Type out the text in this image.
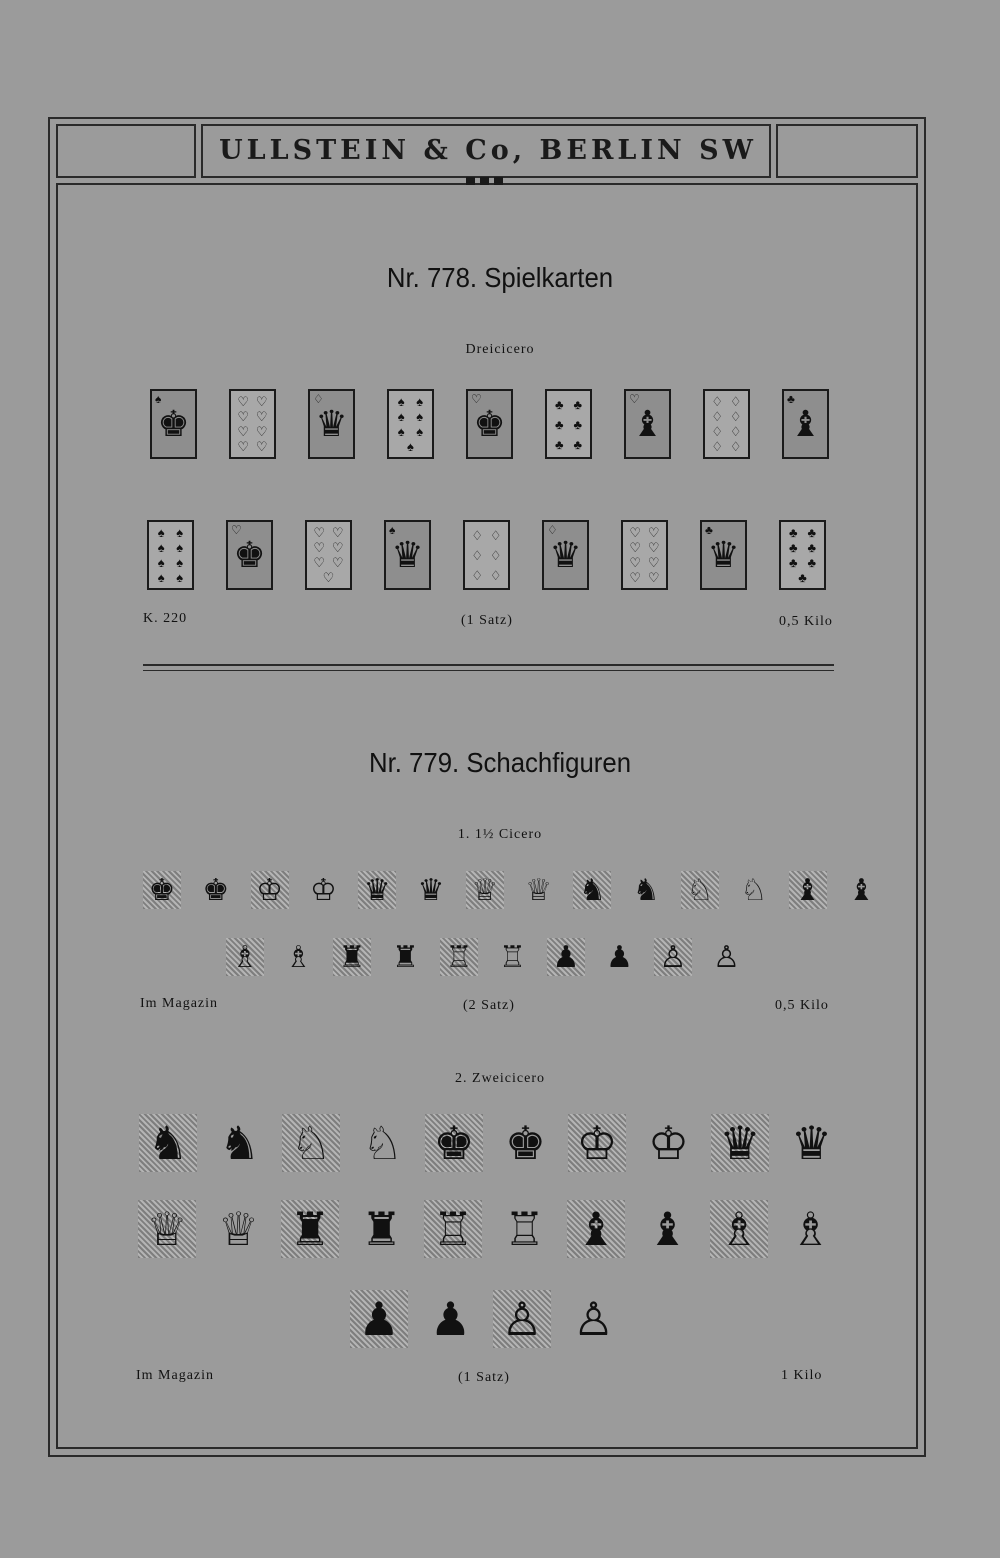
ULLSTEIN & Co, BERLIN SW
Nr. 778. Spielkarten
Dreicicero
♠
♚
♡ ♡
♡ ♡
♡ ♡
♡ ♡
♢
♛
♠ ♠
♠ ♠
♠ ♠
♠
♡
♚	♣ ♣
♣ ♣
♣ ♣
♡
♝
♢ ♢
♢ ♢
♢ ♢
♢ ♢
♣
♝
♠ ♠
♠ ♠
♠ ♠
♠ ♠
♡
♚
♡ ♡
♡ ♡
♡ ♡
♡
♠
♛	♢ ♢
♢ ♢
♢ ♢
♢
♛
♡ ♡
♡ ♡
♡ ♡
♡ ♡
♣
♛
♣ ♣
♣ ♣
♣ ♣
♣
K. 220	(1 Satz)	0,5 Kilo
Nr. 779. Schachfiguren
1. 1½ Cicero
♚ ♚ ♔ ♔ ♛ ♛ ♕ ♕ ♞ ♞ ♘ ♘ ♝ ♝
♗ ♗ ♜ ♜ ♖ ♖ ♟ ♟ ♙ ♙
Im Magazin	(2 Satz)	0,5 Kilo
2. Zweicicero
♞ ♞ ♘ ♘ ♚ ♚ ♔ ♔ ♛ ♛
♕ ♕ ♜ ♜ ♖ ♖ ♝ ♝ ♗ ♗
♟ ♟ ♙ ♙
Im Magazin	(1 Satz)	1 Kilo
